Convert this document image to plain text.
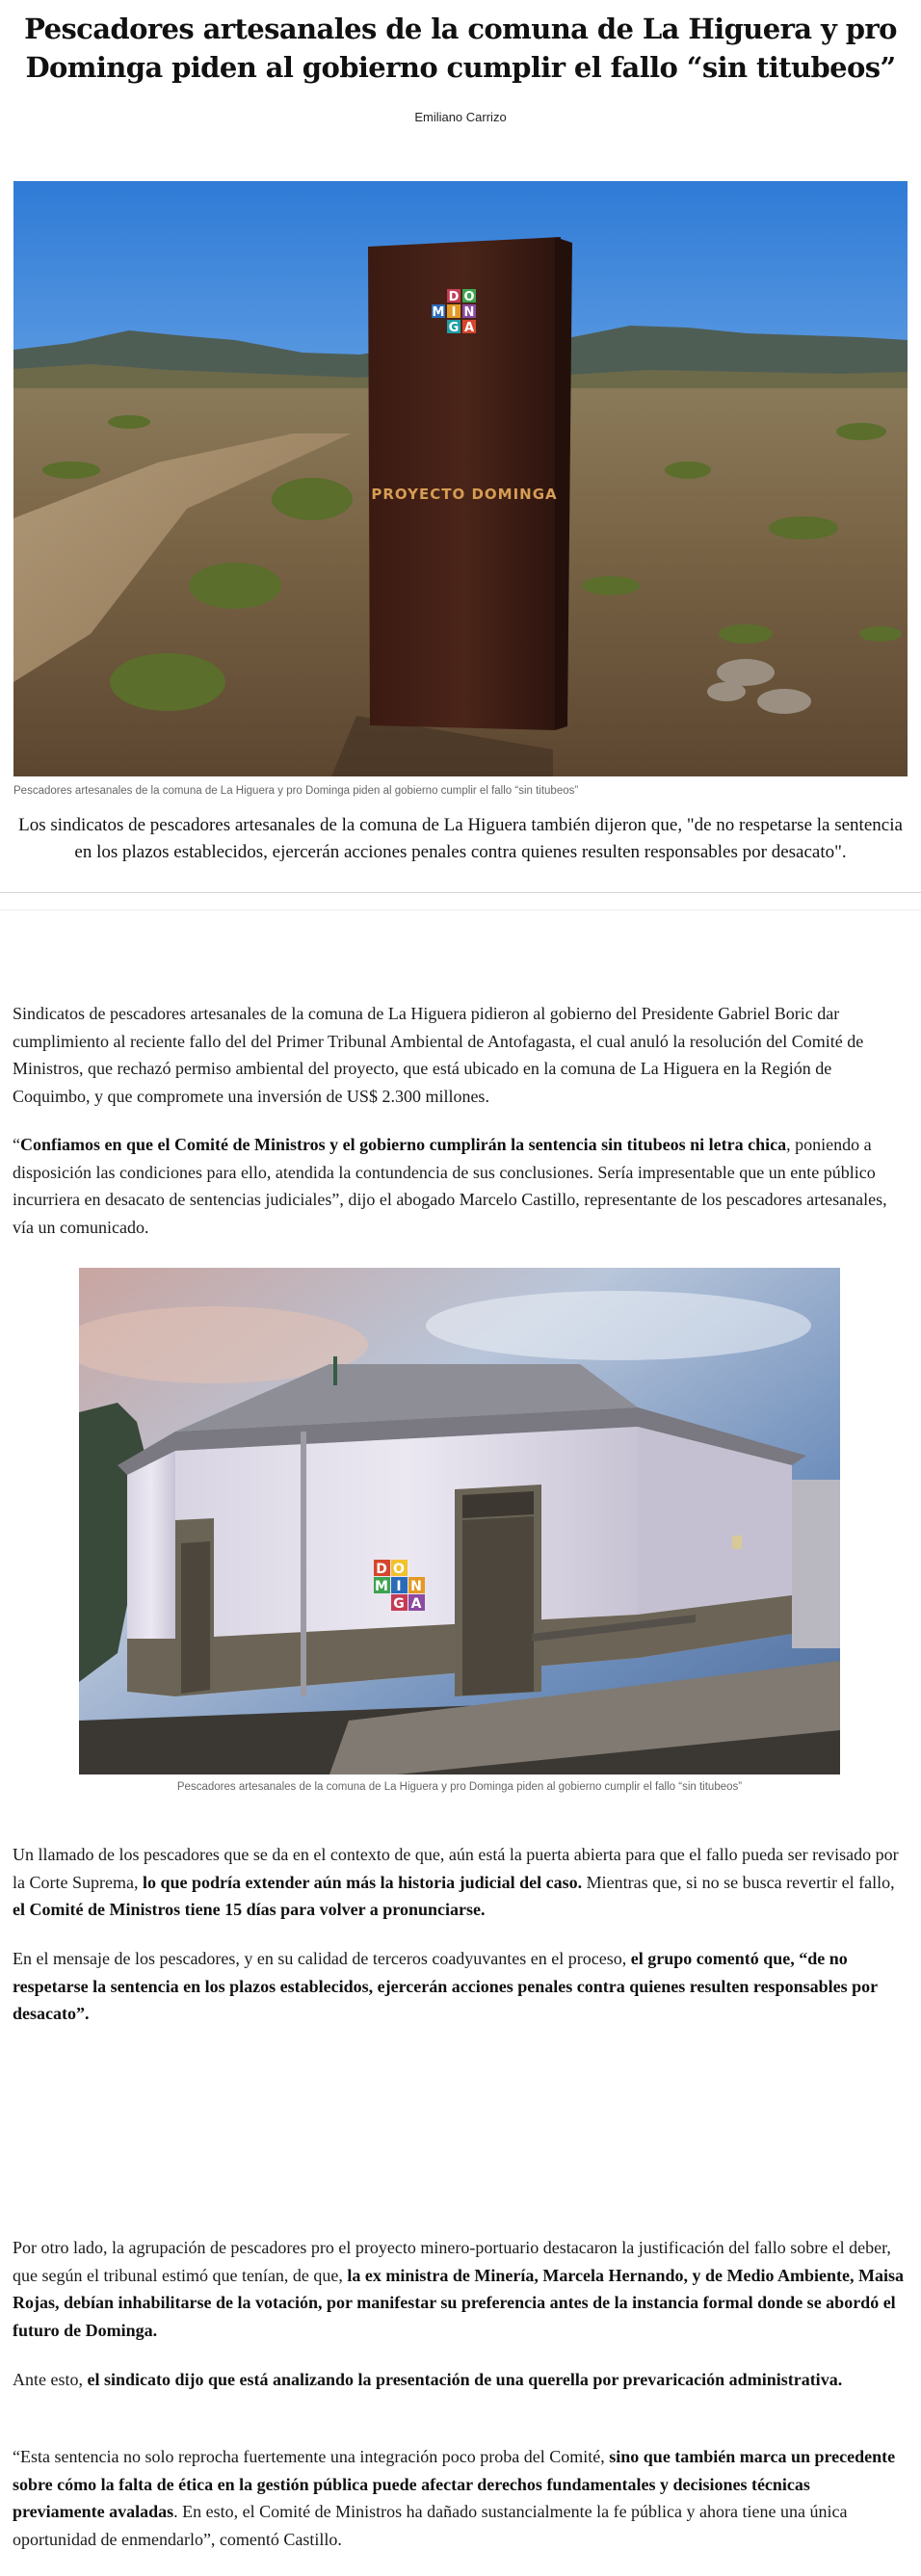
Pescadores artesanales de la comuna de La Higuera y pro Dominga piden al gobierno cumplir el fallo “sin titubeos”
Emiliano Carrizo
D O
M I N
G A
PROYECTO DOMINGA
Pescadores artesanales de la comuna de La Higuera y pro Dominga piden al gobierno cumplir el fallo “sin titubeos”
Los sindicatos de pescadores artesanales de la comuna de La Higuera también dijeron que, "de no respetarse la sentencia en los plazos establecidos, ejercerán acciones penales contra quienes resulten responsables por desacato".

Sindicatos de pescadores artesanales de la comuna de La Higuera pidieron al gobierno del Presidente Gabriel Boric dar cumplimiento al reciente fallo del del Primer Tribunal Ambiental de Antofagasta, el cual anuló la resolución del Comité de Ministros, que rechazó permiso ambiental del proyecto, que está ubicado en la comuna de La Higuera en la Región de Coquimbo, y que compromete una inversión de US$ 2.300 millones.

“Confiamos en que el Comité de Ministros y el gobierno cumplirán la sentencia sin titubeos ni letra chica, poniendo a disposición las condiciones para ello, atendida la contundencia de sus conclusiones. Sería impresentable que un ente público incurriera en desacato de sentencias judiciales”, dijo el abogado Marcelo Castillo, representante de los pescadores artesanales, vía un comunicado.

D O
M I N
G A
Pescadores artesanales de la comuna de La Higuera y pro Dominga piden al gobierno cumplir el fallo “sin titubeos”

Un llamado de los pescadores que se da en el contexto de que, aún está la puerta abierta para que el fallo pueda ser revisado por la Corte Suprema, lo que podría extender aún más la historia judicial del caso. Mientras que, si no se busca revertir el fallo, el Comité de Ministros tiene 15 días para volver a pronunciarse.

En el mensaje de los pescadores, y en su calidad de terceros coadyuvantes en el proceso, el grupo comentó que, “de no respetarse la sentencia en los plazos establecidos, ejercerán acciones penales contra quienes resulten responsables por desacato”.

Por otro lado, la agrupación de pescadores pro el proyecto minero-portuario destacaron la justificación del fallo sobre el deber, que según el tribunal estimó que tenían, de que, la ex ministra de Minería, Marcela Hernando, y de Medio Ambiente, Maisa Rojas, debían inhabilitarse de la votación, por manifestar su preferencia antes de la instancia formal donde se abordó el futuro de Dominga.

Ante esto, el sindicato dijo que está analizando la presentación de una querella por prevaricación administrativa.

“Esta sentencia no solo reprocha fuertemente una integración poco proba del Comité, sino que también marca un precedente sobre cómo la falta de ética en la gestión pública puede afectar derechos fundamentales y decisiones técnicas previamente avaladas. En esto, el Comité de Ministros ha dañado sustancialmente la fe pública y ahora tiene una única oportunidad de enmendarlo”, comentó Castillo.
